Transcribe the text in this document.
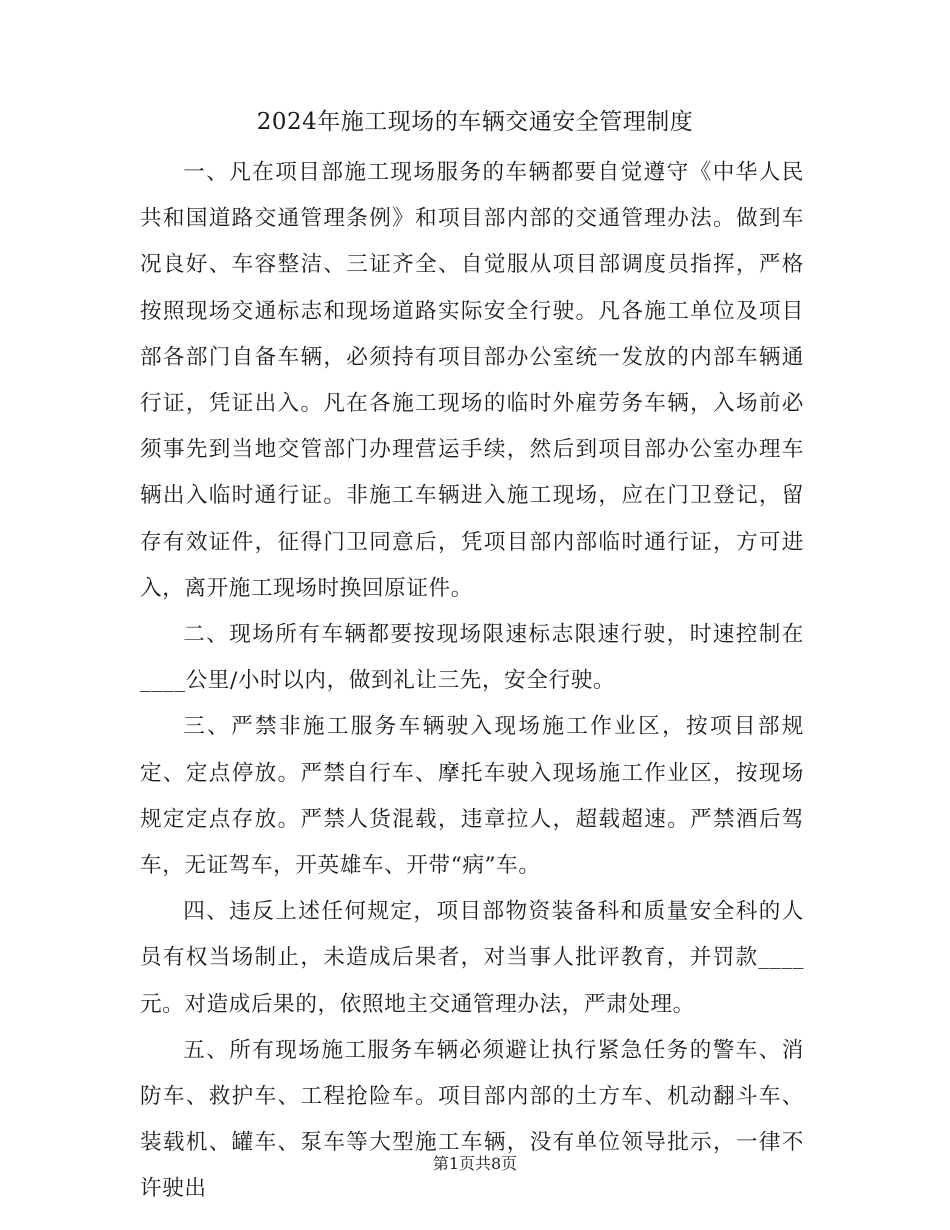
2024年施工现场的车辆交通安全管理制度

一、凡在项目部施工现场服务的车辆都要自觉遵守《中华人民共和国道路交通管理条例》和项目部内部的交通管理办法。做到车况良好、车容整洁、三证齐全、自觉服从项目部调度员指挥，严格按照现场交通标志和现场道路实际安全行驶。凡各施工单位及项目部各部门自备车辆，必须持有项目部办公室统一发放的内部车辆通行证，凭证出入。凡在各施工现场的临时外雇劳务车辆，入场前必须事先到当地交管部门办理营运手续，然后到项目部办公室办理车辆出入临时通行证。非施工车辆进入施工现场，应在门卫登记，留存有效证件，征得门卫同意后，凭项目部内部临时通行证，方可进入，离开施工现场时换回原证件。

二、现场所有车辆都要按现场限速标志限速行驶，时速控制在____公里/小时以内，做到礼让三先，安全行驶。

三、严禁非施工服务车辆驶入现场施工作业区，按项目部规定、定点停放。严禁自行车、摩托车驶入现场施工作业区，按现场规定定点存放。严禁人货混载，违章拉人，超载超速。严禁酒后驾车，无证驾车，开英雄车、开带“病”车。

四、违反上述任何规定，项目部物资装备科和质量安全科的人员有权当场制止，未造成后果者，对当事人批评教育，并罚款____元。对造成后果的，依照地主交通管理办法，严肃处理。

五、所有现场施工服务车辆必须避让执行紧急任务的警车、消防车、救护车、工程抢险车。项目部内部的土方车、机动翻斗车、装载机、罐车、泵车等大型施工车辆，没有单位领导批示，一律不许驶出

第1页共8页
